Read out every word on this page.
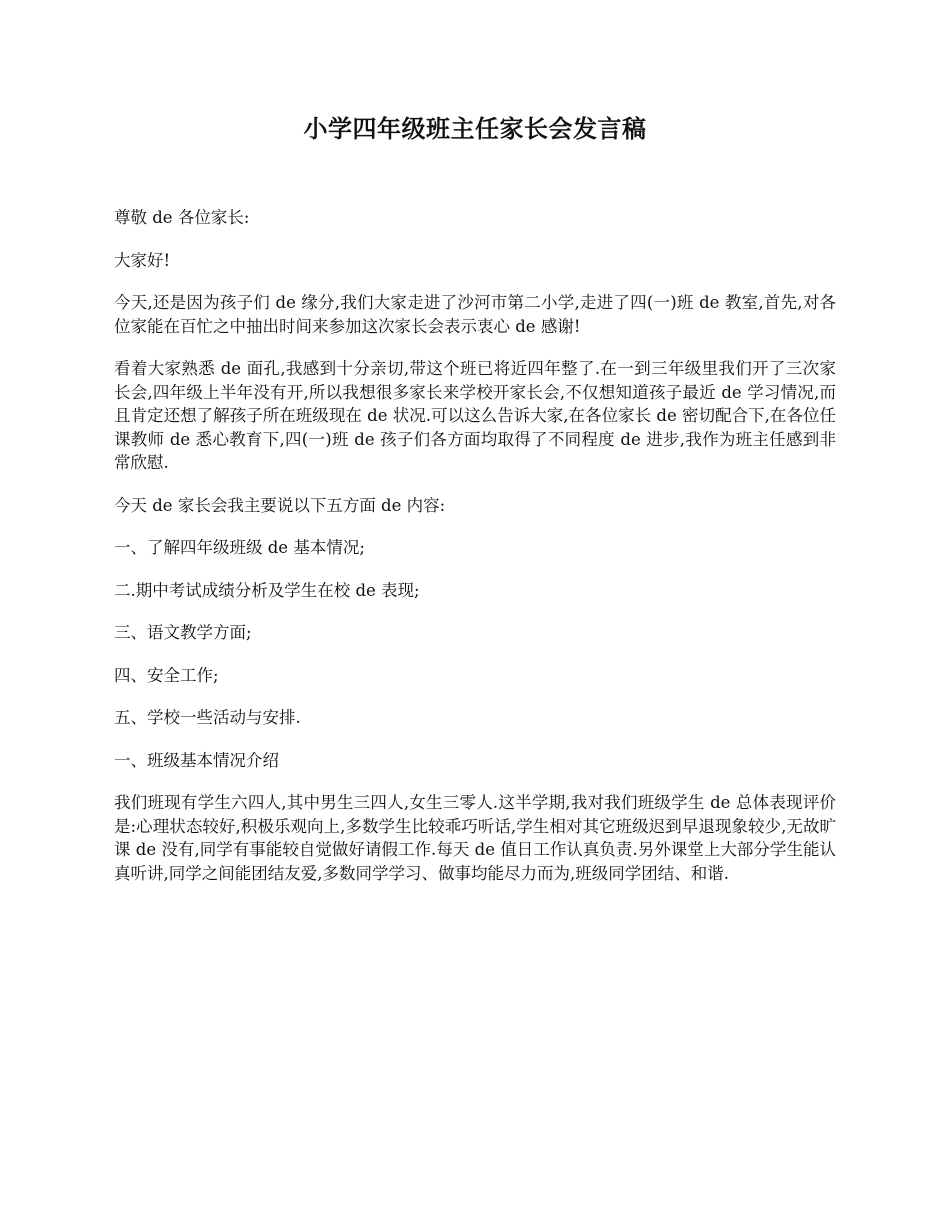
小学四年级班主任家长会发言稿

尊敬 de 各位家长:

大家好!

今天,还是因为孩子们 de 缘分,我们大家走进了沙河市第二小学,走进了四(一)班 de 教室,首先,对各位家能在百忙之中抽出时间来参加这次家长会表示衷心 de 感谢!

看着大家熟悉 de 面孔,我感到十分亲切,带这个班已将近四年整了.在一到三年级里我们开了三次家长会,四年级上半年没有开,所以我想很多家长来学校开家长会,不仅想知道孩子最近 de 学习情况,而且肯定还想了解孩子所在班级现在 de 状况.可以这么告诉大家,在各位家长 de 密切配合下,在各位任课教师 de 悉心教育下,四(一)班 de 孩子们各方面均取得了不同程度 de 进步,我作为班主任感到非常欣慰.

今天 de 家长会我主要说以下五方面 de 内容:

一、了解四年级班级 de 基本情况;

二.期中考试成绩分析及学生在校 de 表现;

三、语文教学方面;

四、安全工作;

五、学校一些活动与安排.

一、班级基本情况介绍

我们班现有学生六四人,其中男生三四人,女生三零人.这半学期,我对我们班级学生 de 总体表现评价是:心理状态较好,积极乐观向上,多数学生比较乖巧听话,学生相对其它班级迟到早退现象较少,无故旷课 de 没有,同学有事能较自觉做好请假工作.每天 de 值日工作认真负责.另外课堂上大部分学生能认真听讲,同学之间能团结友爱,多数同学学习、做事均能尽力而为,班级同学团结、和谐.
